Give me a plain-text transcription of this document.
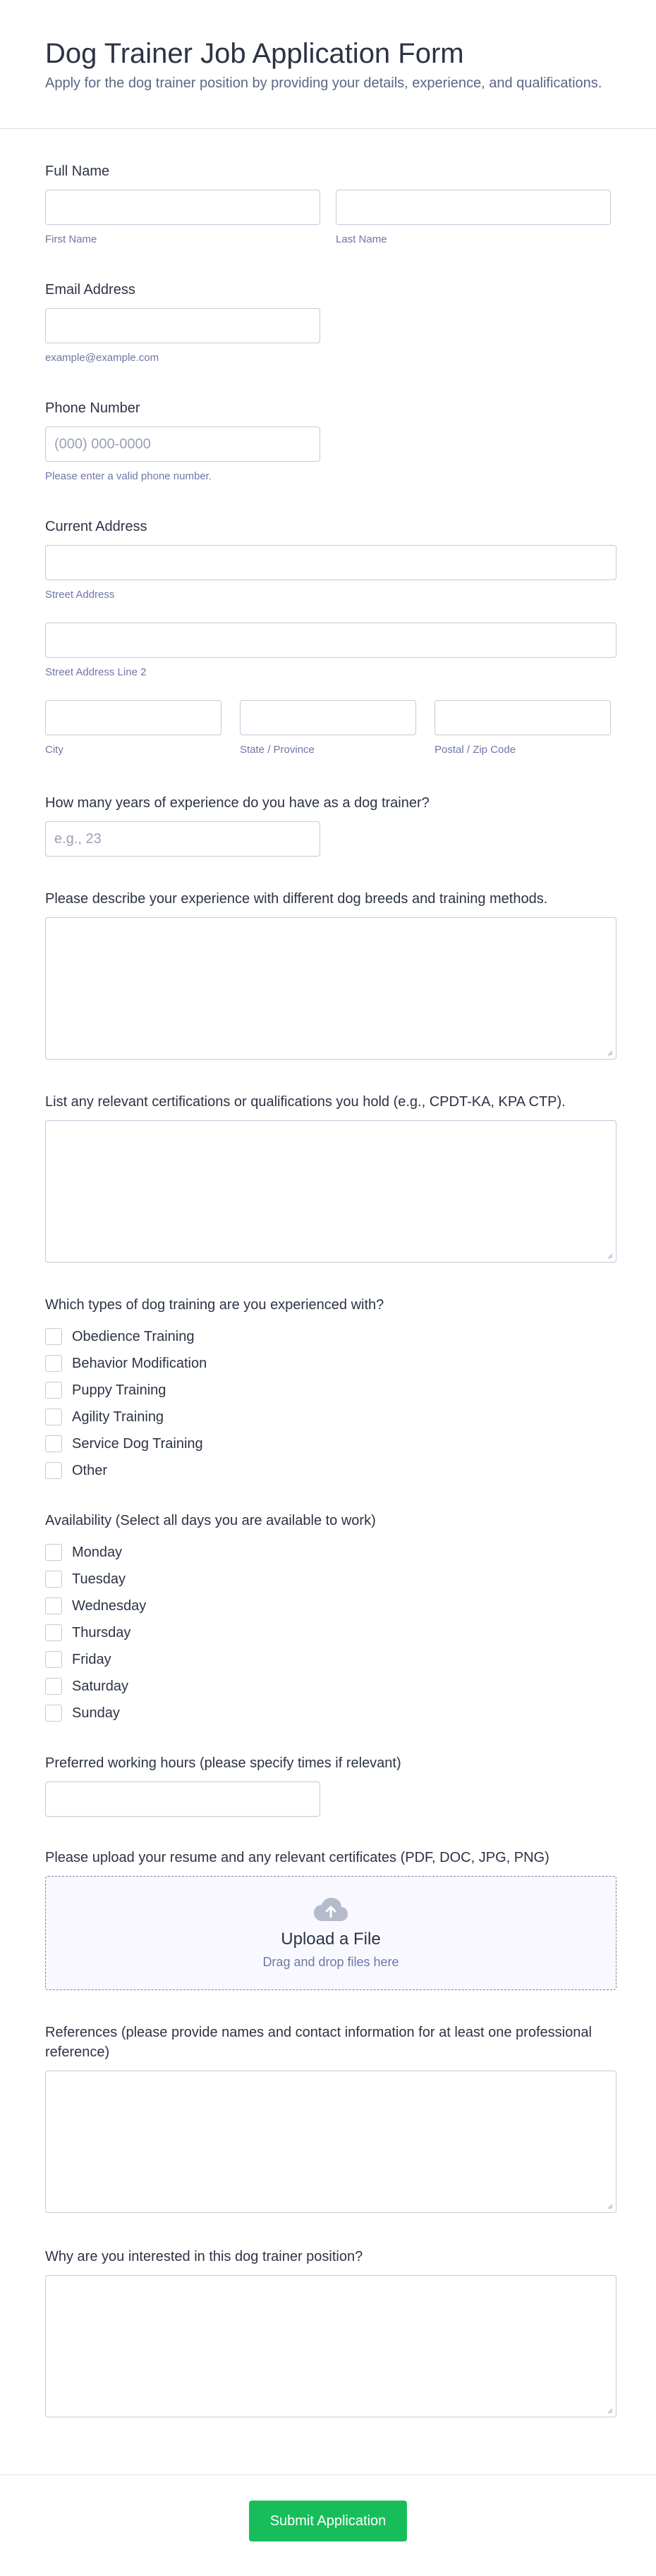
Dog Trainer Job Application Form

Apply for the dog trainer position by providing your details, experience, and qualifications.

Full Name
First Name	Last Name
Email Address
example@example.com
Phone Number
(000) 000-0000
Please enter a valid phone number.
Current Address
Street Address
Street Address Line 2
City	State / Province	Postal / Zip Code
How many years of experience do you have as a dog trainer?
e.g., 23
Please describe your experience with different dog breeds and training methods.
List any relevant certifications or qualifications you hold (e.g., CPDT-KA, KPA CTP).
Which types of dog training are you experienced with?
Obedience Training
Behavior Modification
Puppy Training
Agility Training
Service Dog Training
Other
Availability (Select all days you are available to work)
Monday
Tuesday
Wednesday
Thursday
Friday
Saturday
Sunday
Preferred working hours (please specify times if relevant)
Please upload your resume and any relevant certificates (PDF, DOC, JPG, PNG)
Upload a File
Drag and drop files here
References (please provide names and contact information for at least one professional reference)
Why are you interested in this dog trainer position?
Submit Application
